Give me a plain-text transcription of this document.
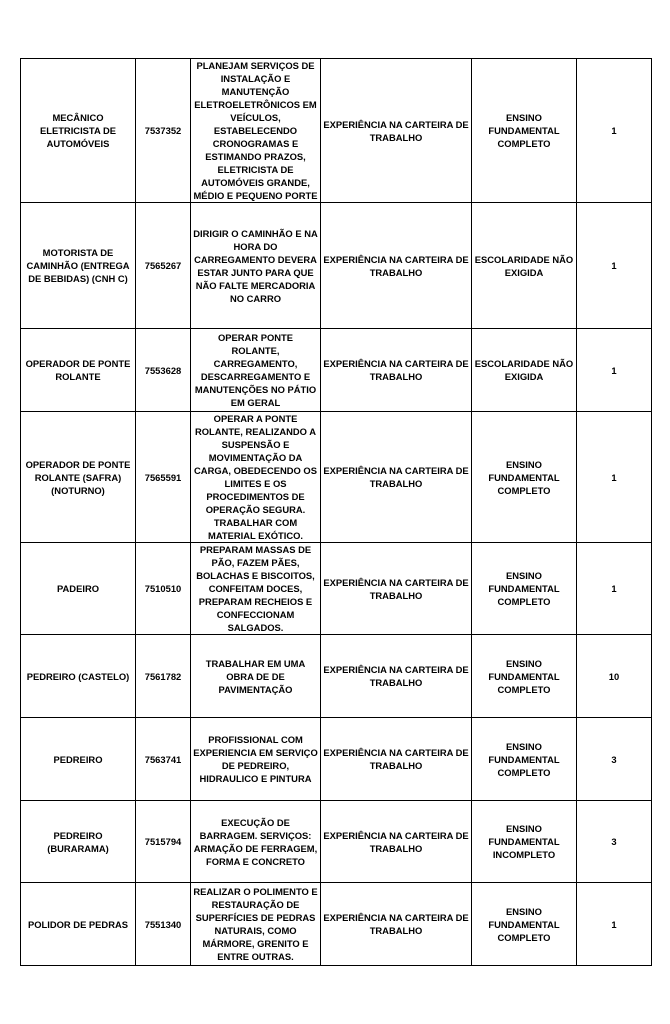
MECÂNICO ELETRICISTA DE AUTOMÓVEIS	7537352	PLANEJAM SERVIÇOS DE INSTALAÇÃO E MANUTENÇÃO ELETROELETRÔNICOS EM VEÍCULOS, ESTABELECENDO CRONOGRAMAS E ESTIMANDO PRAZOS, ELETRICISTA DE AUTOMÓVEIS GRANDE, MÉDIO E PEQUENO PORTE	EXPERIÊNCIA NA CARTEIRA DE TRABALHO	ENSINO FUNDAMENTAL COMPLETO	1
MOTORISTA DE CAMINHÃO (ENTREGA DE BEBIDAS) (CNH C)	7565267	DIRIGIR O CAMINHÃO E NA HORA DO CARREGAMENTO DEVERA ESTAR JUNTO PARA QUE NÃO FALTE MERCADORIA NO CARRO	EXPERIÊNCIA NA CARTEIRA DE TRABALHO	ESCOLARIDADE NÃO EXIGIDA	1
OPERADOR DE PONTE ROLANTE	7553628	OPERAR PONTE ROLANTE, CARREGAMENTO, DESCARREGAMENTO E MANUTENÇÕES NO PÁTIO EM GERAL	EXPERIÊNCIA NA CARTEIRA DE TRABALHO	ESCOLARIDADE NÃO EXIGIDA	1
OPERADOR DE PONTE ROLANTE (SAFRA) (NOTURNO)	7565591	OPERAR A PONTE ROLANTE, REALIZANDO A SUSPENSÃO E MOVIMENTAÇÃO DA CARGA, OBEDECENDO OS LIMITES E OS PROCEDIMENTOS DE OPERAÇÃO SEGURA. TRABALHAR COM MATERIAL EXÓTICO.	EXPERIÊNCIA NA CARTEIRA DE TRABALHO	ENSINO FUNDAMENTAL COMPLETO	1
PADEIRO	7510510	PREPARAM MASSAS DE PÃO, FAZEM PÃES, BOLACHAS E BISCOITOS, CONFEITAM DOCES, PREPARAM RECHEIOS E CONFECCIONAM SALGADOS.	EXPERIÊNCIA NA CARTEIRA DE TRABALHO	ENSINO FUNDAMENTAL COMPLETO	1
PEDREIRO (CASTELO)	7561782	TRABALHAR EM UMA OBRA DE DE PAVIMENTAÇÃO	EXPERIÊNCIA NA CARTEIRA DE TRABALHO	ENSINO FUNDAMENTAL COMPLETO	10
PEDREIRO	7563741	PROFISSIONAL COM EXPERIENCIA EM SERVIÇO DE PEDREIRO, HIDRAULICO E PINTURA	EXPERIÊNCIA NA CARTEIRA DE TRABALHO	ENSINO FUNDAMENTAL COMPLETO	3
PEDREIRO (BURARAMA)	7515794	EXECUÇÃO DE BARRAGEM. SERVIÇOS: ARMAÇÃO DE FERRAGEM, FORMA E CONCRETO	EXPERIÊNCIA NA CARTEIRA DE TRABALHO	ENSINO FUNDAMENTAL INCOMPLETO	3
POLIDOR DE PEDRAS	7551340	REALIZAR O POLIMENTO E RESTAURAÇÃO DE SUPERFÍCIES DE PEDRAS NATURAIS, COMO MÁRMORE, GRENITO E ENTRE OUTRAS.	EXPERIÊNCIA NA CARTEIRA DE TRABALHO	ENSINO FUNDAMENTAL COMPLETO	1
